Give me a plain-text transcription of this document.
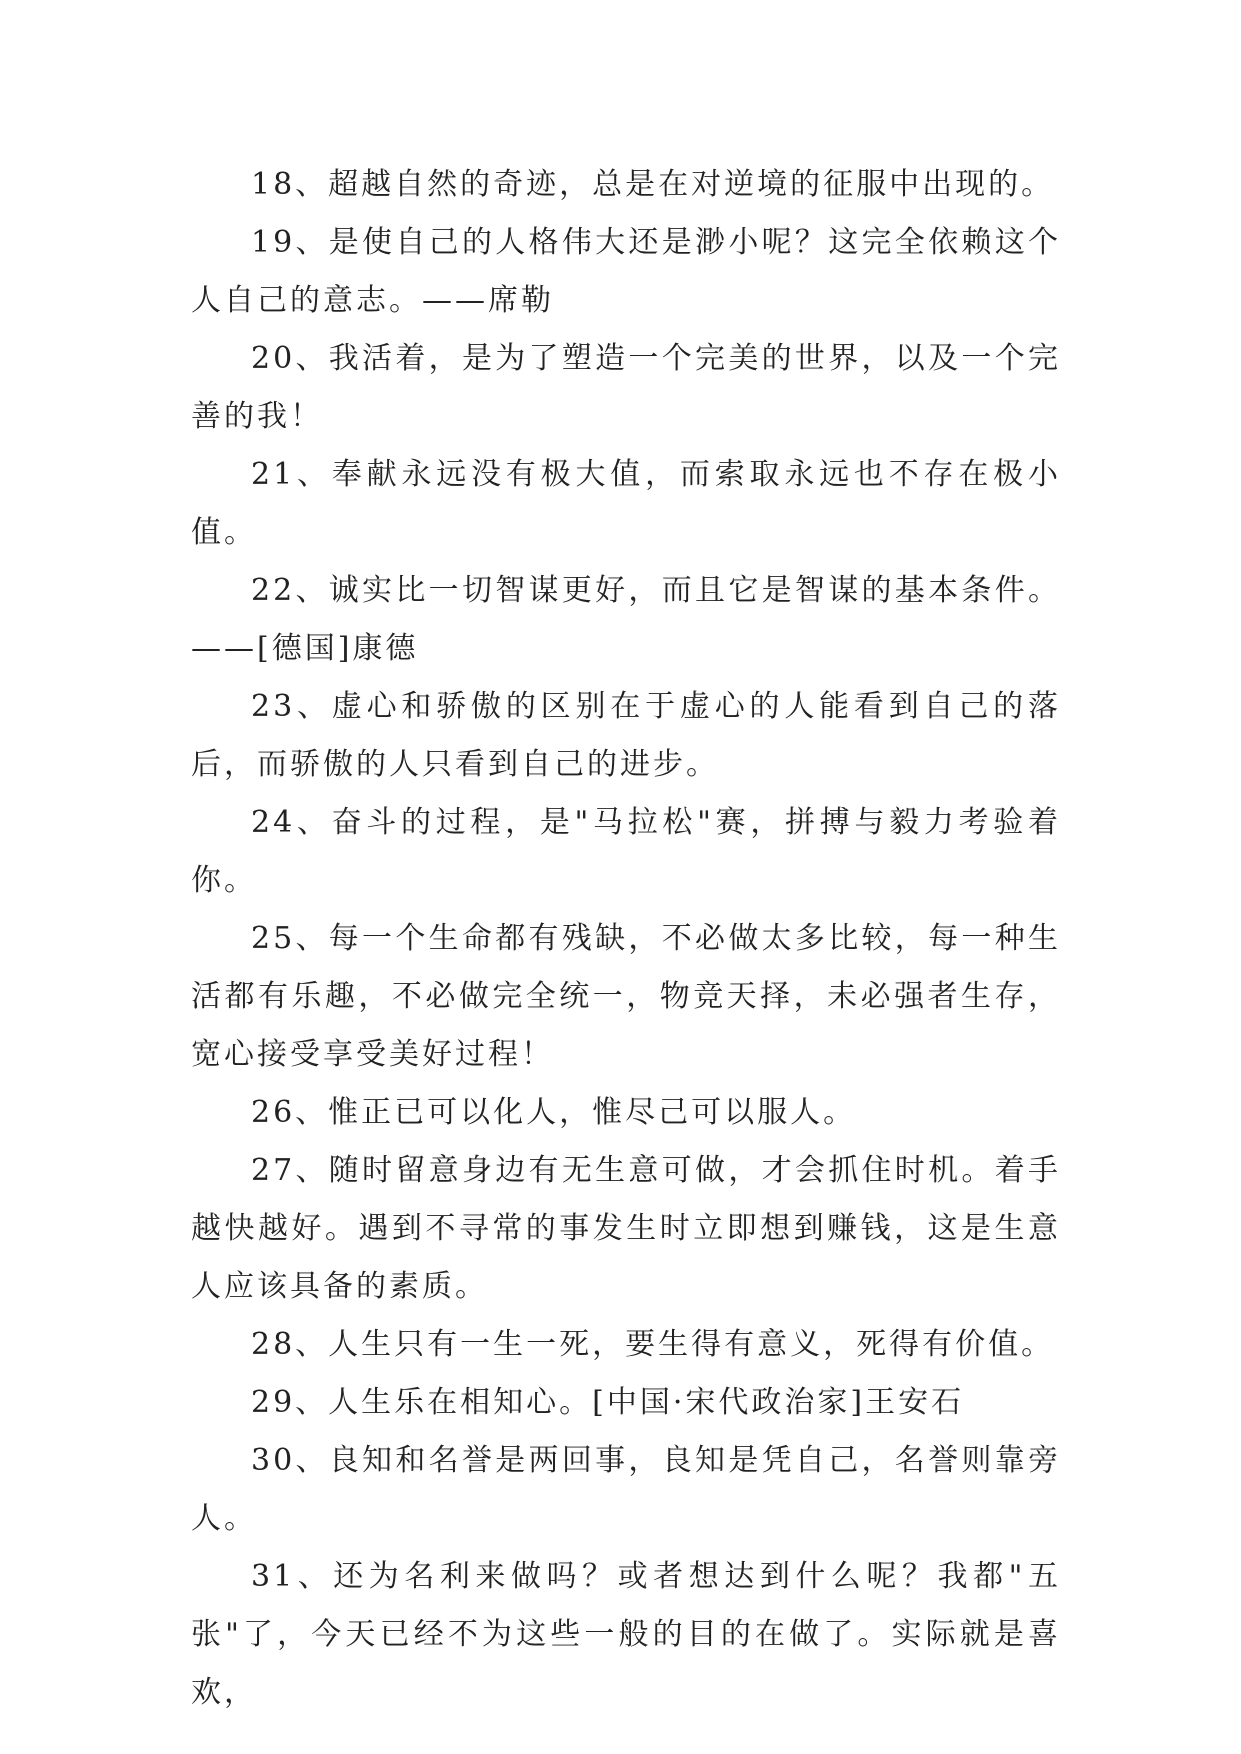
18、超越自然的奇迹，总是在对逆境的征服中出现的。

19、是使自己的人格伟大还是渺小呢？这完全依赖这个人自己的意志。——席勒

20、我活着，是为了塑造一个完美的世界，以及一个完善的我！

21、奉献永远没有极大值，而索取永远也不存在极小值。

22、诚实比一切智谋更好，而且它是智谋的基本条件。——[德国]康德

23、虚心和骄傲的区别在于虚心的人能看到自己的落后，而骄傲的人只看到自己的进步。

24、奋斗的过程，是"马拉松"赛，拼搏与毅力考验着你。

25、每一个生命都有残缺，不必做太多比较，每一种生活都有乐趣，不必做完全统一，物竞天择，未必强者生存，宽心接受享受美好过程！

26、惟正已可以化人，惟尽己可以服人。

27、随时留意身边有无生意可做，才会抓住时机。着手越快越好。遇到不寻常的事发生时立即想到赚钱，这是生意人应该具备的素质。

28、人生只有一生一死，要生得有意义，死得有价值。

29、人生乐在相知心。[中国·宋代政治家]王安石

30、良知和名誉是两回事，良知是凭自己，名誉则靠旁人。

31、还为名利来做吗？或者想达到什么呢？我都"五张"了，今天已经不为这些一般的目的在做了。实际就是喜欢，
